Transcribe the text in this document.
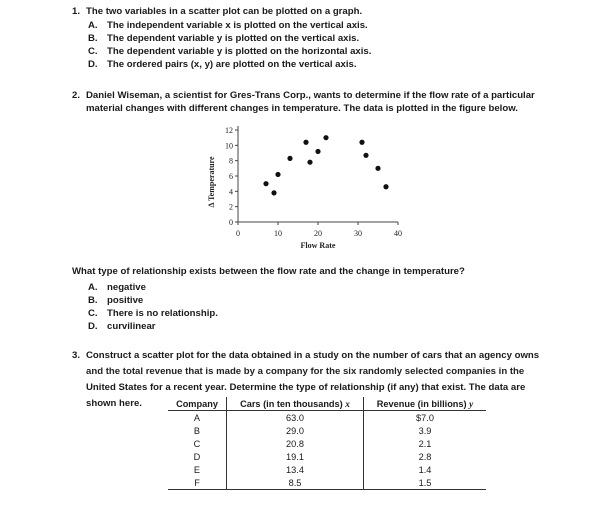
1. The two variables in a scatter plot can be plotted on a graph.
A. The independent variable x is plotted on the vertical axis.
B. The dependent variable y is plotted on the vertical axis.
C. The dependent variable y is plotted on the horizontal axis.
D. The ordered pairs (x, y) are plotted on the vertical axis.
2. Daniel Wiseman, a scientist for Gres-Trans Corp., wants to determine if the flow rate of a particular
material changes with different changes in temperature. The data is plotted in the figure below.
0
2
4
6
8
10
12
0	10	20	30	40
Flow Rate
Δ Temperature
What type of relationship exists between the flow rate and the change in temperature?
A. negative
B. positive
C. There is no relationship.
D. curvilinear
3. Construct a scatter plot for the data obtained in a study on the number of cars that an agency owns
and the total revenue that is made by a company for the six randomly selected companies in the
United States for a recent year. Determine the type of relationship (if any) that exist. The data are
shown here.	Company	Cars (in ten thousands) x	Revenue (in billions) y
A	63.0	$7.0
B	29.0	3.9
C	20.8	2.1
D	19.1	2.8
E	13.4	1.4
F	8.5	1.5
